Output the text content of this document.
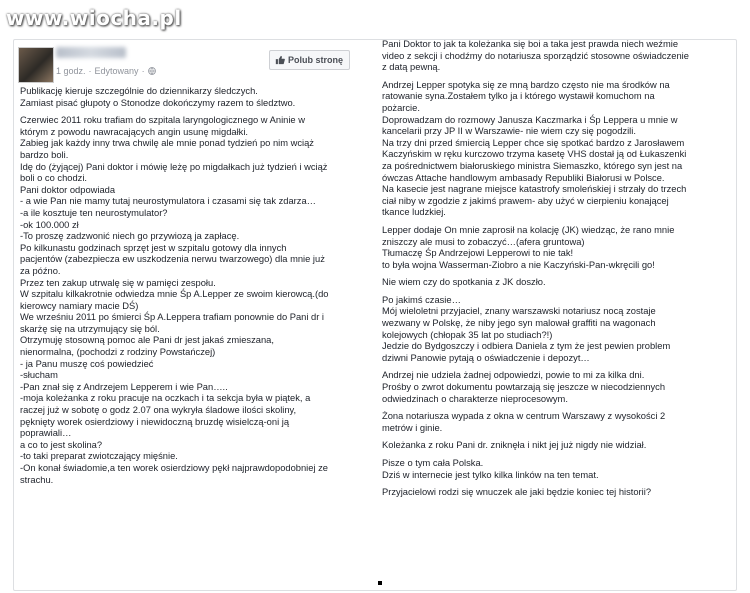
www.wiocha.pl
1 godz. · Edytowany ·
Polub stronę

Publikację kieruje szczególnie do dziennikarzy śledczych.

Zamiast pisać głupoty o Stonodze dokończymy razem to śledztwo.

Czerwiec 2011 roku trafiam do szpitala laryngologicznego w Aninie w

którym z powodu nawracających angin usunę migdałki.

Zabieg jak każdy inny trwa chwilę ale mnie ponad tydzień po nim wciąż

bardzo boli.

Idę do (żyjącej) Pani doktor i mówię leżę po migdałkach już tydzień i wciąż

boli o co chodzi.

Pani doktor odpowiada

- a wie Pan nie mamy tutaj neurostymulatora i czasami się tak zdarza…

-a ile kosztuje ten neurostymulator?

-ok 100.000 zł

-To proszę zadzwonić niech go przywiozą ja zapłacę.

Po kilkunastu godzinach sprzęt jest w szpitalu gotowy dla innych

pacjentów (zabezpiecza ew uszkodzenia nerwu twarzowego) dla mnie już

za późno.

Przez ten zakup utrwalę się w pamięci zespołu.

W szpitalu kilkakrotnie odwiedza mnie Śp A.Lepper ze swoim kierowcą.(do

kierowcy namiary macie DŚ)

We wrześniu 2011 po śmierci Śp A.Leppera trafiam ponownie do Pani dr i

skarżę się na utrzymujący się ból.

Otrzymuję stosowną pomoc ale Pani dr jest jakaś zmieszana,

nienormalna, (pochodzi z rodziny Powstańczej)

- ja Panu muszę coś powiedzieć

-słucham

-Pan znał się z Andrzejem Lepperem i wie Pan…..

-moja koleżanka z roku pracuje na oczkach i ta sekcja była w piątek, a

raczej już w sobotę o godz 2.07 ona wykryła śladowe ilości skoliny,

pęknięty worek osierdziowy i niewidoczną bruzdę wisielczą-oni ją

poprawiali…

a co to jest skolina?

-to taki preparat zwiotczający mięśnie.

-On konał świadomie,a ten worek osierdziowy pękł najprawdopodobniej ze

strachu.

Pani Doktor to jak ta koleżanka się boi a taka jest prawda niech weźmie

video z sekcji i chodźmy do notariusza sporządzić stosowne oświadczenie

z datą pewną.

Andrzej Lepper spotyka się ze mną bardzo często nie ma środków na

ratowanie syna.Zostałem tylko ja i którego wystawił komuchom na

pożarcie.

Doprowadzam do rozmowy Janusza Kaczmarka i Śp Leppera u mnie w

kancelarii przy JP II w Warszawie- nie wiem czy się pogodzili.

Na trzy dni przed śmiercią Lepper chce się spotkać bardzo z Jarosławem

Kaczyńskim w ręku kurczowo trzyma kasetę VHS dostał ją od Łukaszenki

za pośrednictwem białoruskiego ministra Siemaszko, którego syn jest na

ówczas Attache handlowym ambasady Republiki Białorusi w Polsce.

Na kasecie jest nagrane miejsce katastrofy smoleńskiej i strzały do trzech

ciał niby w zgodzie z jakimś prawem- aby użyć w cierpieniu konającej

tkance ludzkiej.

Lepper dodaje On mnie zaprosił na kolację (JK) wiedząc, że rano mnie

zniszczy ale musi to zobaczyć…(afera gruntowa)

Tłumaczę Śp Andrzejowi Lepperowi to nie tak!

to była wojna Wasserman-Ziobro a nie Kaczyński-Pan-wkręcili go!

Nie wiem czy do spotkania z JK doszło.

Po jakimś czasie…

Mój wieloletni przyjaciel, znany warszawski notariusz nocą zostaje

wezwany w Polskę, że niby jego syn malował graffiti na wagonach

kolejowych (chłopak 35 lat po studiach?!)

Jedzie do Bydgoszczy i odbiera Daniela z tym że jest pewien problem

dziwni Panowie pytają o oświadczenie i depozyt…

Andrzej nie udziela żadnej odpowiedzi, powie to mi za kilka dni.

Prośby o zwrot dokumentu powtarzają się jeszcze w niecodziennych

odwiedzinach o charakterze nieprocesowym.

Żona notariusza wypada z okna w centrum Warszawy z wysokości 2

metrów i ginie.

Koleżanka z roku Pani dr. zniknęła i nikt jej już nigdy nie widział.

Pisze o tym cała Polska.

Dziś w internecie jest tylko kilka linków na ten temat.

Przyjacielowi rodzi się wnuczek ale jaki będzie koniec tej historii?
